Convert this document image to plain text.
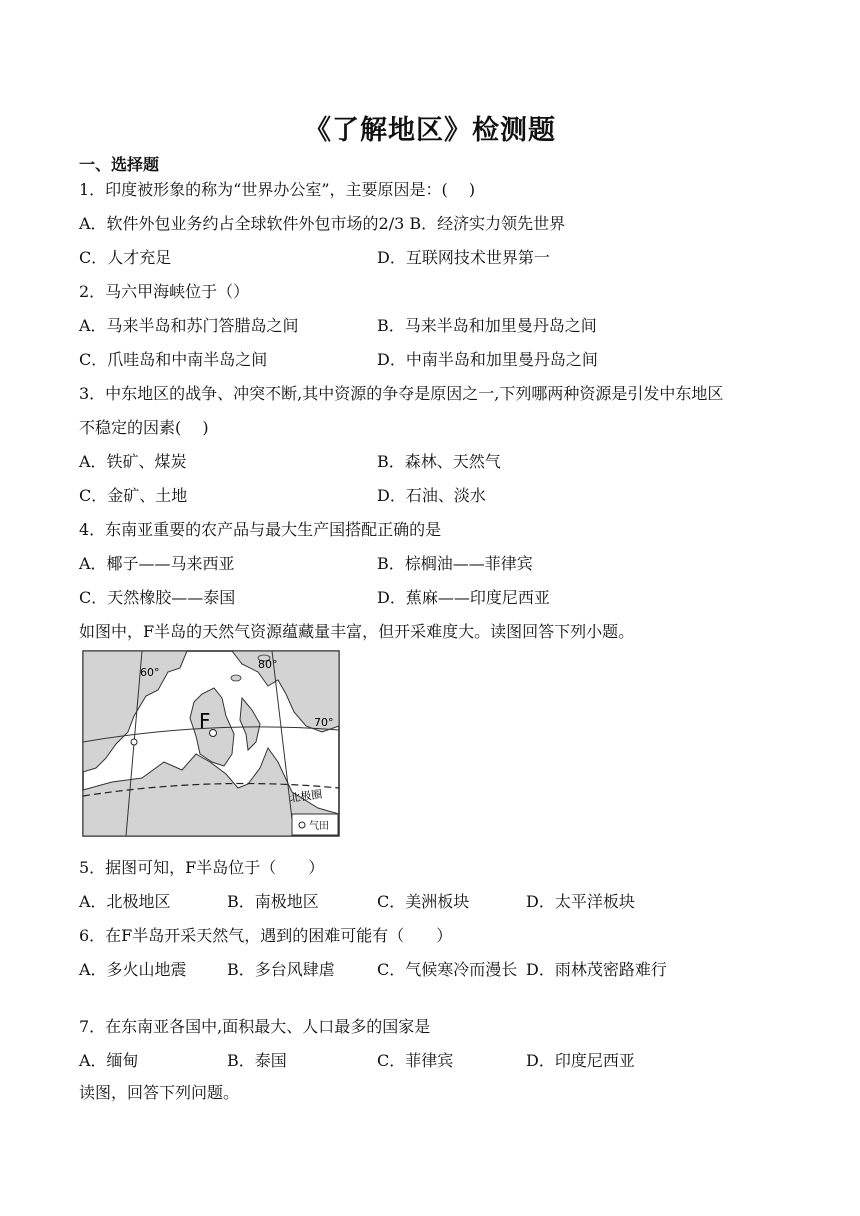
《了解地区》检测题
一、选择题
1．印度被形象的称为“世界办公室”，主要原因是：(　 )
A．软件外包业务约占全球软件外包市场的2/3 B．经济实力领先世界
C．人才充足	D．互联网技术世界第一
2．马六甲海峡位于（）
A．马来半岛和苏门答腊岛之间	B．马来半岛和加里曼丹岛之间
C．爪哇岛和中南半岛之间	D．中南半岛和加里曼丹岛之间
3．中东地区的战争、冲突不断,其中资源的争夺是原因之一,下列哪两种资源是引发中东地区
不稳定的因素(　 )
A．铁矿、煤炭	B．森林、天然气
C．金矿、土地	D．石油、淡水
4．东南亚重要的农产品与最大生产国搭配正确的是
A．椰子——马来西亚	B．棕榈油——菲律宾
C．天然橡胶——泰国	D．蕉麻——印度尼西亚
如图中，F半岛的天然气资源蕴藏量丰富，但开采难度大。读图回答下列小题。
60°
80°
70°
F
北极圈
气田
5．据图可知，F半岛位于（　　）
A．北极地区	B．南极地区	C．美洲板块	D．太平洋板块
6．在F半岛开采天然气，遇到的困难可能有（　　）
A．多火山地震	B．多台风肆虐	C．气候寒冷而漫长 D．雨林茂密路难行
7．在东南亚各国中,面积最大、人口最多的国家是
A．缅甸	B．泰国	C．菲律宾	D．印度尼西亚
读图，回答下列问题。
